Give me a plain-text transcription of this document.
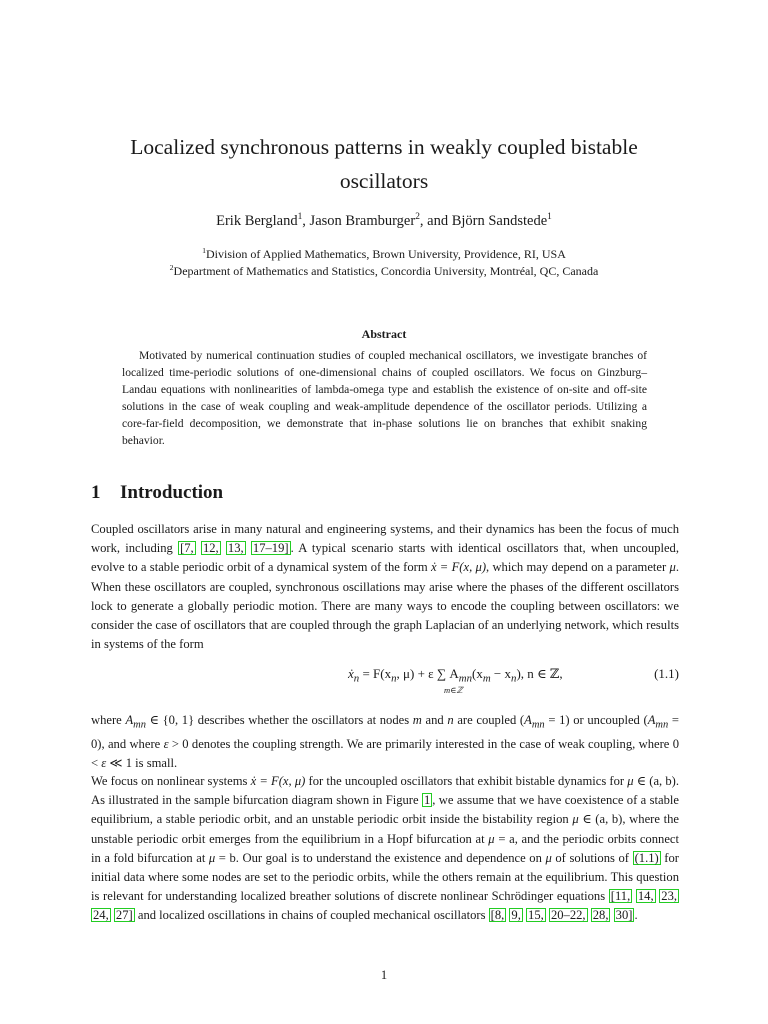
Localized synchronous patterns in weakly coupled bistable
oscillators
Erik Bergland$^1$, Jason Bramburger$^2$, and Björn Sandstede$^1$
$^1$Division of Applied Mathematics, Brown University, Providence, RI, USA
$^2$Department of Mathematics and Statistics, Concordia University, Montréal, QC, Canada
Abstract
Motivated by numerical continuation studies of coupled mechanical oscillators, we investigate branches of localized time-periodic solutions of one-dimensional chains of coupled oscillators. We focus on Ginzburg–Landau equations with nonlinearities of lambda-omega type and establish the existence of on-site and off-site solutions in the case of weak coupling and weak-amplitude dependence of the oscillator periods. Utilizing a core-far-field decomposition, we demonstrate that in-phase solutions lie on branches that exhibit snaking behavior.
1 Introduction
Coupled oscillators arise in many natural and engineering systems, and their dynamics has been the focus of much work, including [7, 12, 13, 17–19] . A typical scenario starts with identical oscillators that, when uncoupled, evolve to a stable periodic orbit of a dynamical system of the form ẋ = F(x, μ), which may depend on a parameter μ. When these oscillators are coupled, synchronous oscillations may arise where the phases of the different oscillators lock to generate a globally periodic motion. There are many ways to encode the coupling between oscillators: we consider the case of oscillators that are coupled through the graph Laplacian of an underlying network, which results in systems of the form
ẋ$_n$ = $F(x_n$, μ) + ε ∑ $A_{mn}(x_m - x_n)$, n ∈ ℤ,
m∈ℤ
(1.1)
where $A_{mn}$ ∈ {0, 1} describes whether the oscillators at nodes m and n are coupled $(A_{mn} = 1)$ or uncoupled $(A_{mn} = 0)$, and where ε > 0 denotes the coupling strength. We are primarily interested in the case of weak coupling, where 0 < ε ≪ 1 is small.
We focus on nonlinear systems ẋ = F(x, μ) for the uncoupled oscillators that exhibit bistable dynamics for μ ∈ (a, b). As illustrated in the sample bifurcation diagram shown in Figure 1 , we assume that we have coexistence of a stable equilibrium, a stable periodic orbit, and an unstable periodic orbit inside the bistability region μ ∈ (a, b), where the unstable periodic orbit emerges from the equilibrium in a Hopf bifurcation at μ = a, and the periodic orbits connect in a fold bifurcation at μ = b. Our goal is to understand the existence and dependence on μ of solutions of (1.1) for initial data where some nodes are set to the periodic orbits, while the others remain at the equilibrium. This question is relevant for understanding localized breather solutions of discrete nonlinear Schrödinger equations [11, 14, 23, 24, 27] and localized oscillations in chains of coupled mechanical oscillators [8, 9, 15, 20–22, 28, 30] .
1
